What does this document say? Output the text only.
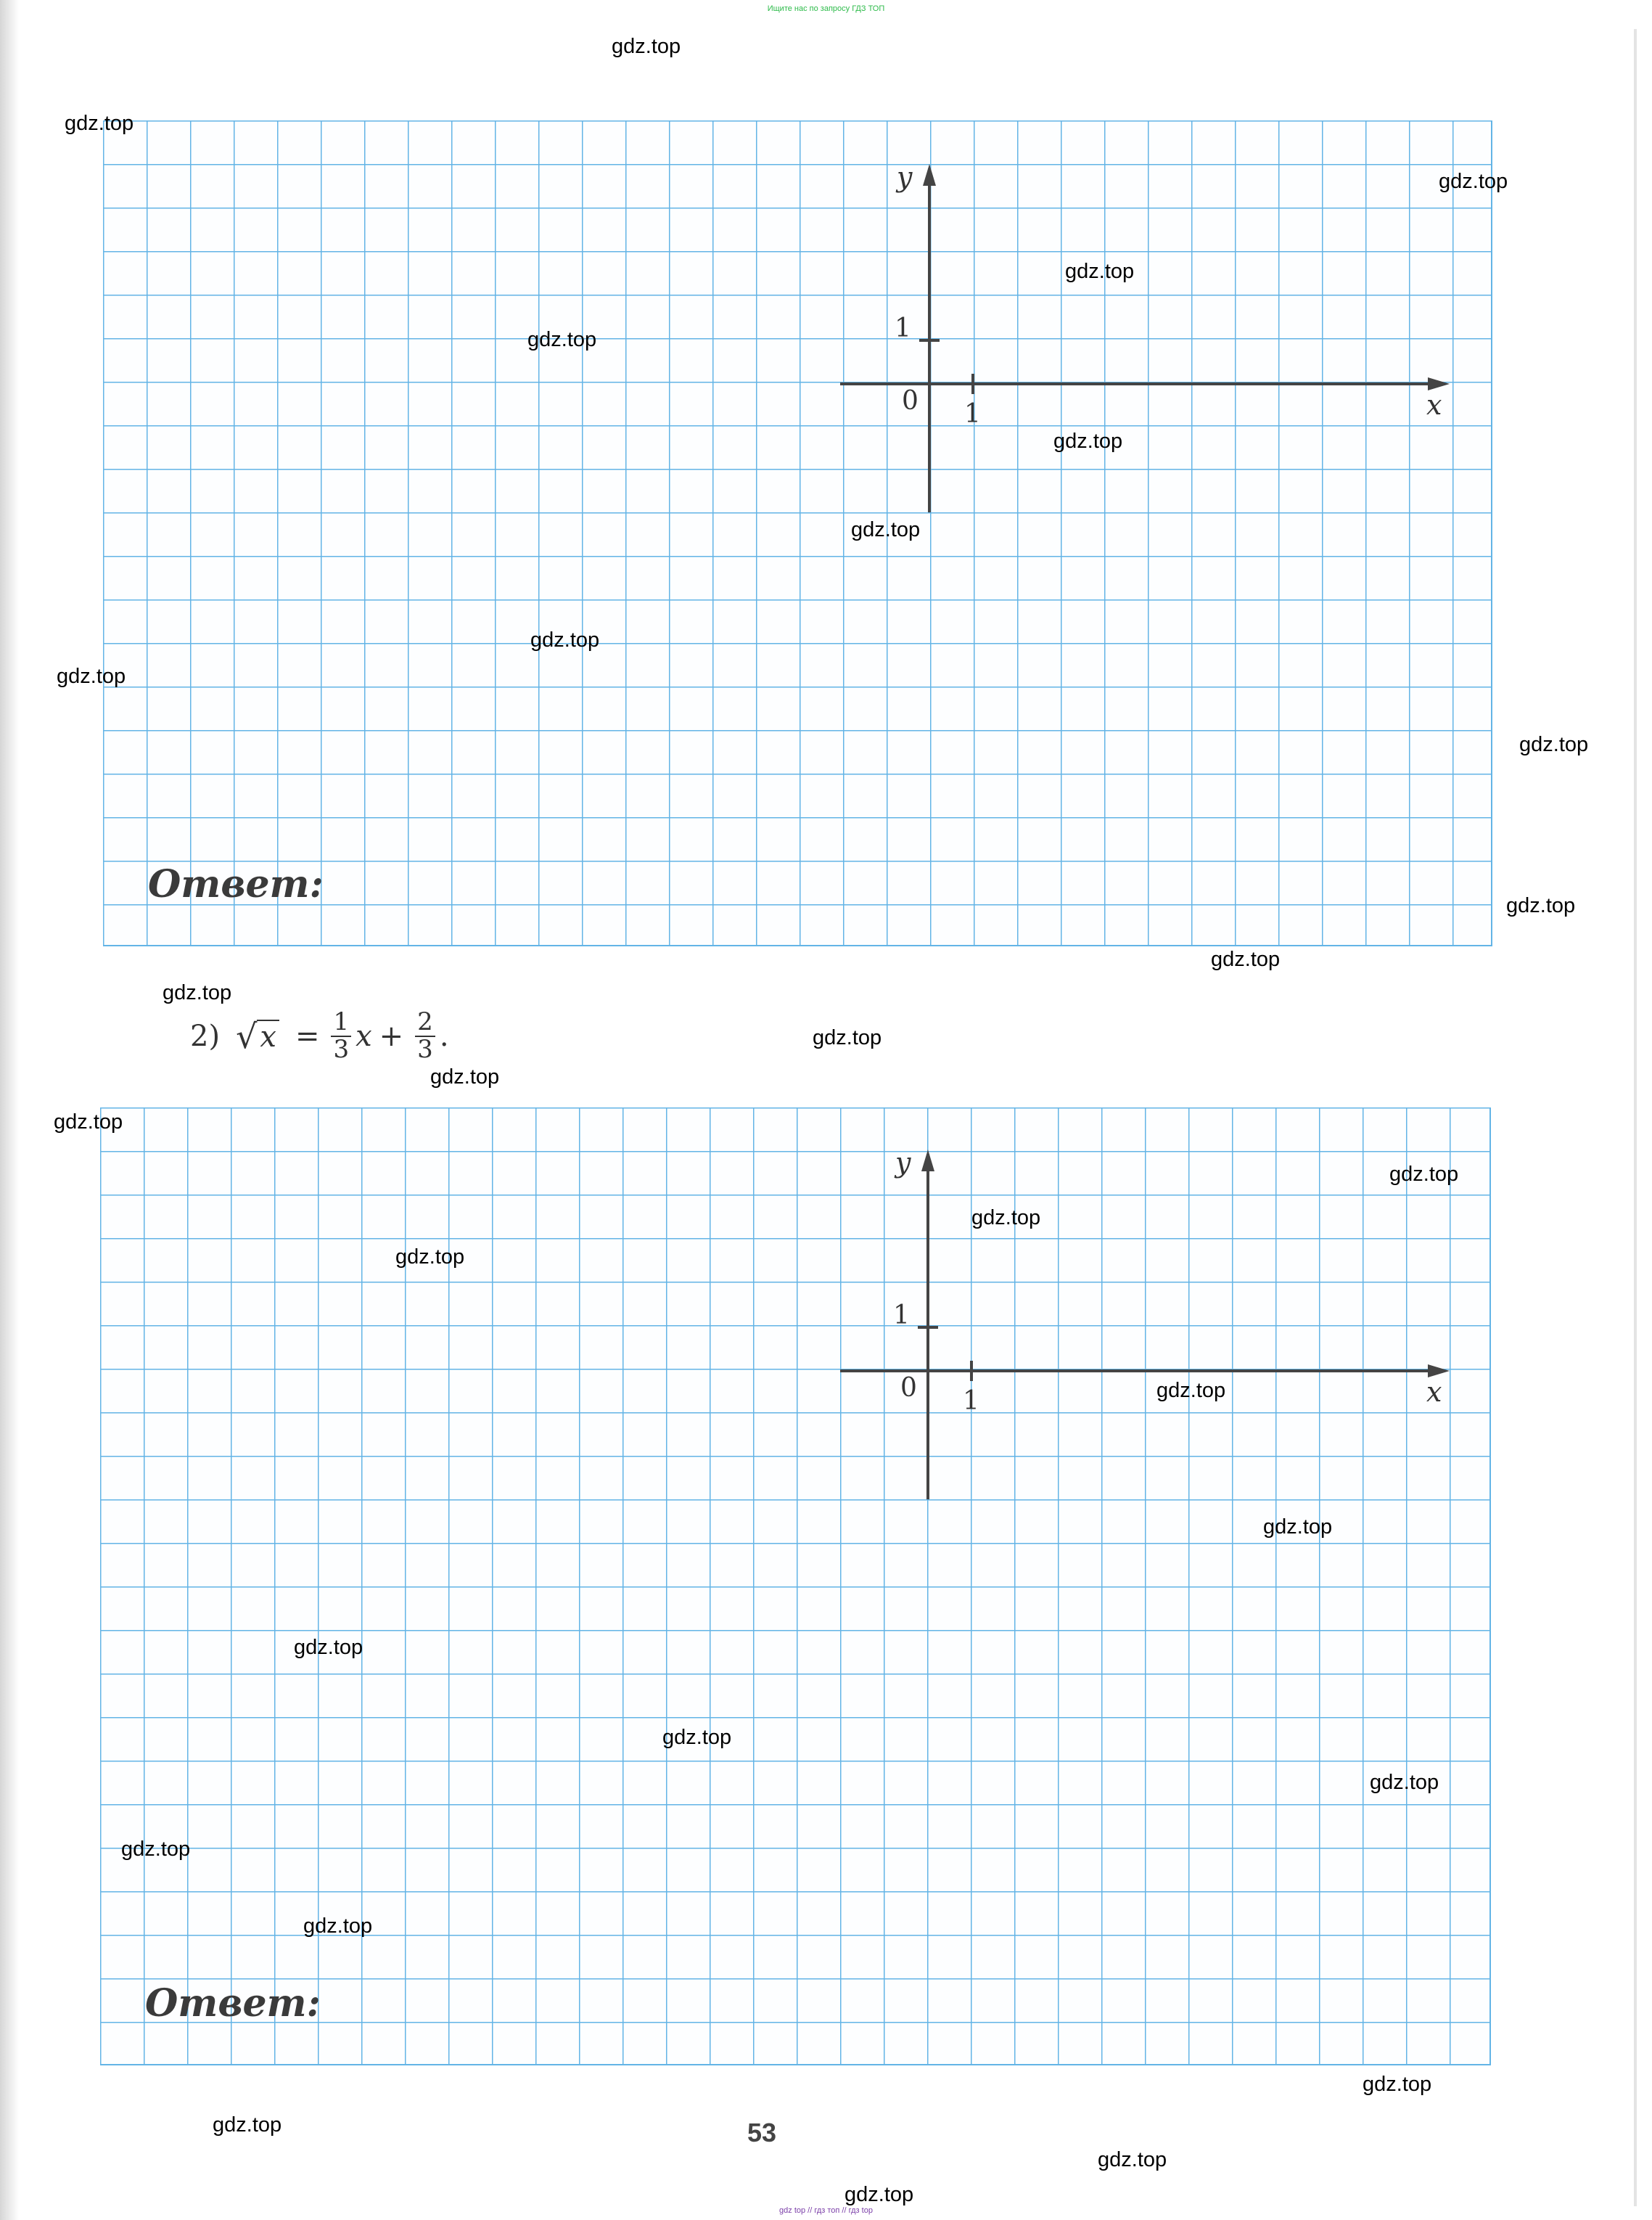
Ищите нас по запросу ГДЗ ТОП
y
x
0 1
1
Ответ:
2) √ $x = \frac{1}{3}$ $x + \frac{2}{3}$ .
y
x
0 1
1
Ответ:
53
gdz.top
gdz.top
gdz.top
gdz.top
gdz.top
gdz.top
gdz.top
gdz.top
gdz.top
gdz.top
gdz.top
gdz.top
gdz.top
gdz.top
gdz.top
gdz.top
gdz.top
gdz.top
gdz.top
gdz.top
gdz.top
gdz.top
gdz.top
gdz.top
gdz.top
gdz.top
gdz.top
gdz.top
gdz.top
gdz.top
gdz top // гдз топ // гдз top
